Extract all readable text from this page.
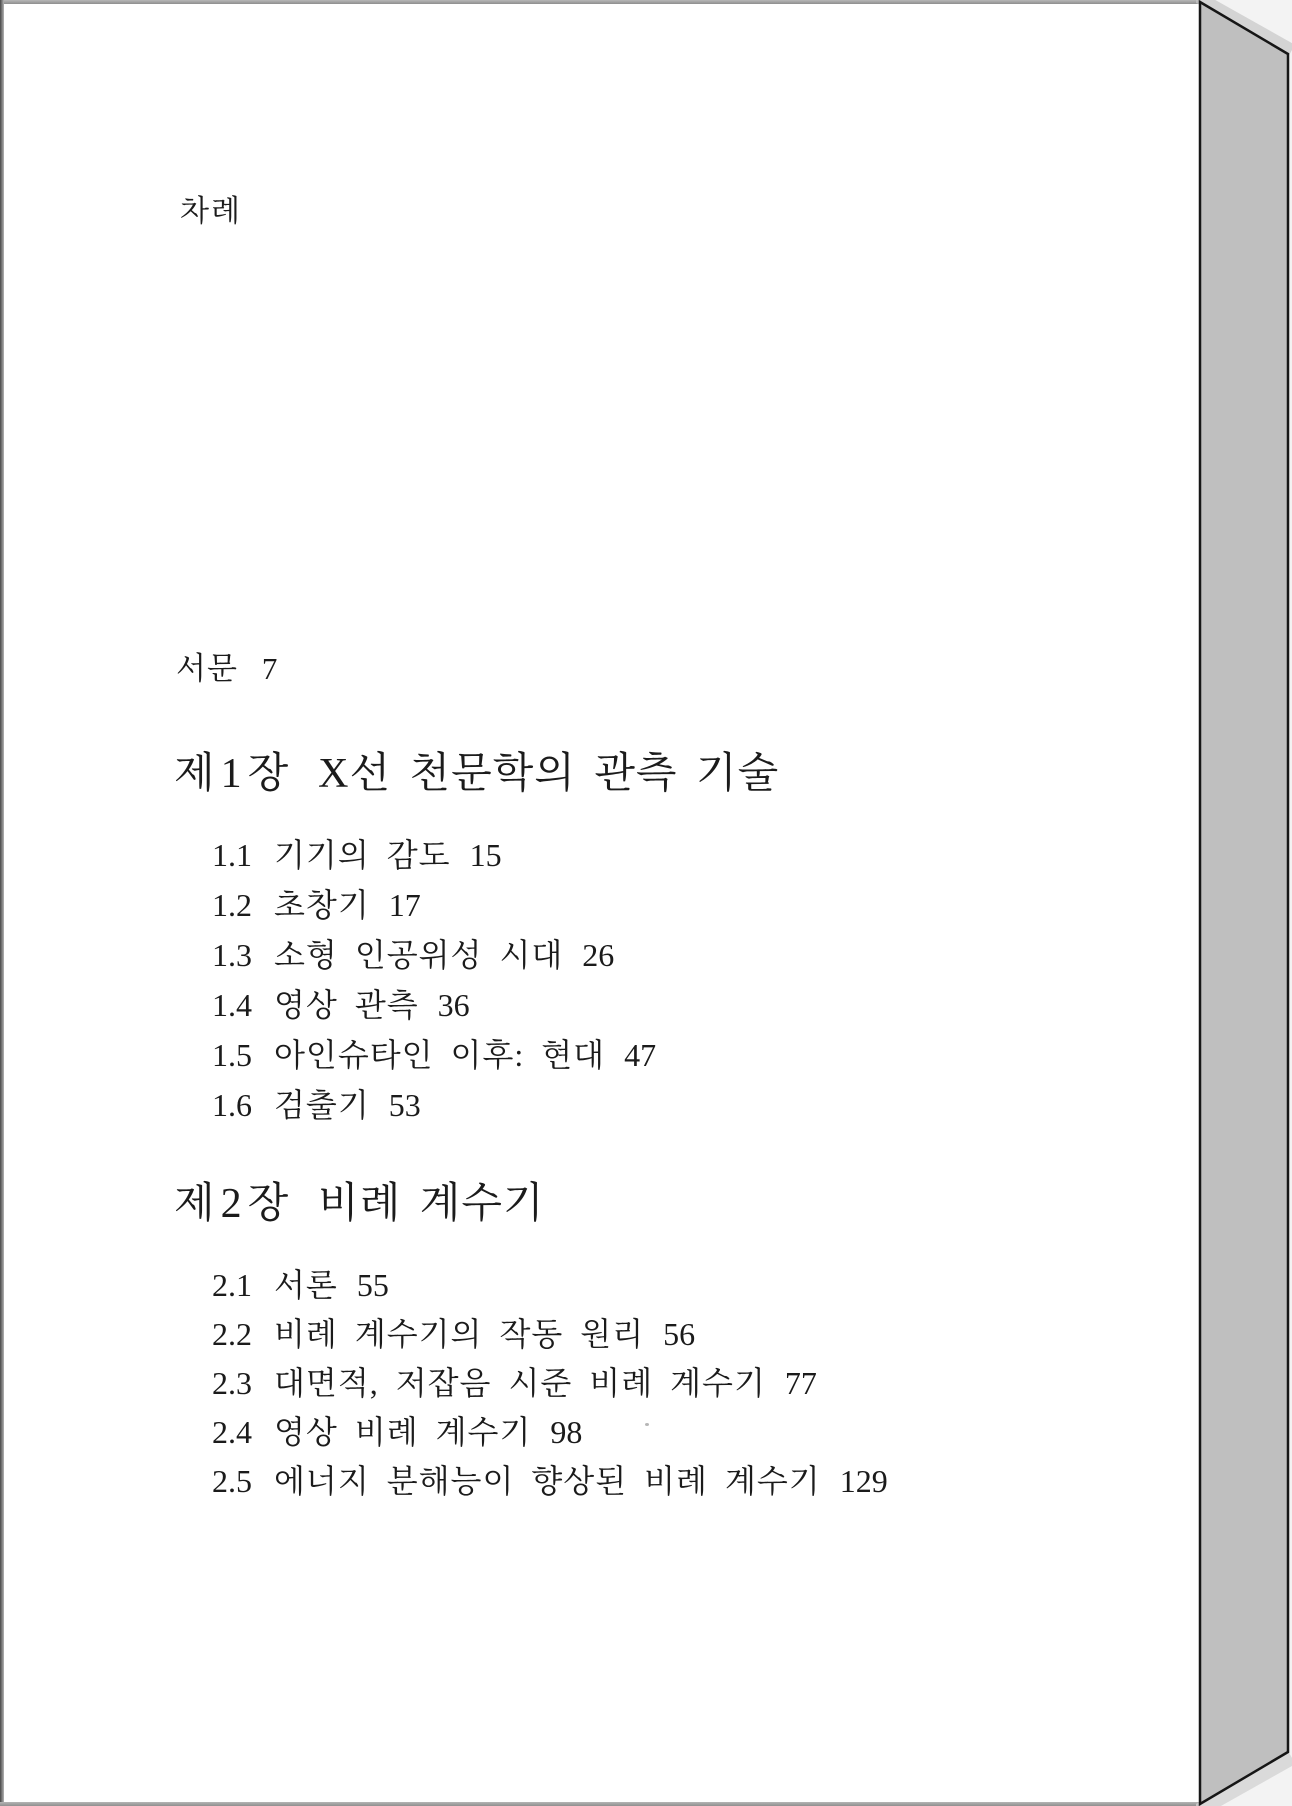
차례
서문 7
제1장 X선 천문학의 관측 기술
1.1 기기의 감도 15
1.2 초창기 17
1.3 소형 인공위성 시대 26
1.4 영상 관측 36
1.5 아인슈타인 이후: 현대 47
1.6 검출기 53
제2장 비례 계수기
2.1 서론 55
2.2 비례 계수기의 작동 원리 56
2.3 대면적, 저잡음 시준 비례 계수기 77
2.4 영상 비례 계수기 98
2.5 에너지 분해능이 향상된 비례 계수기 129
